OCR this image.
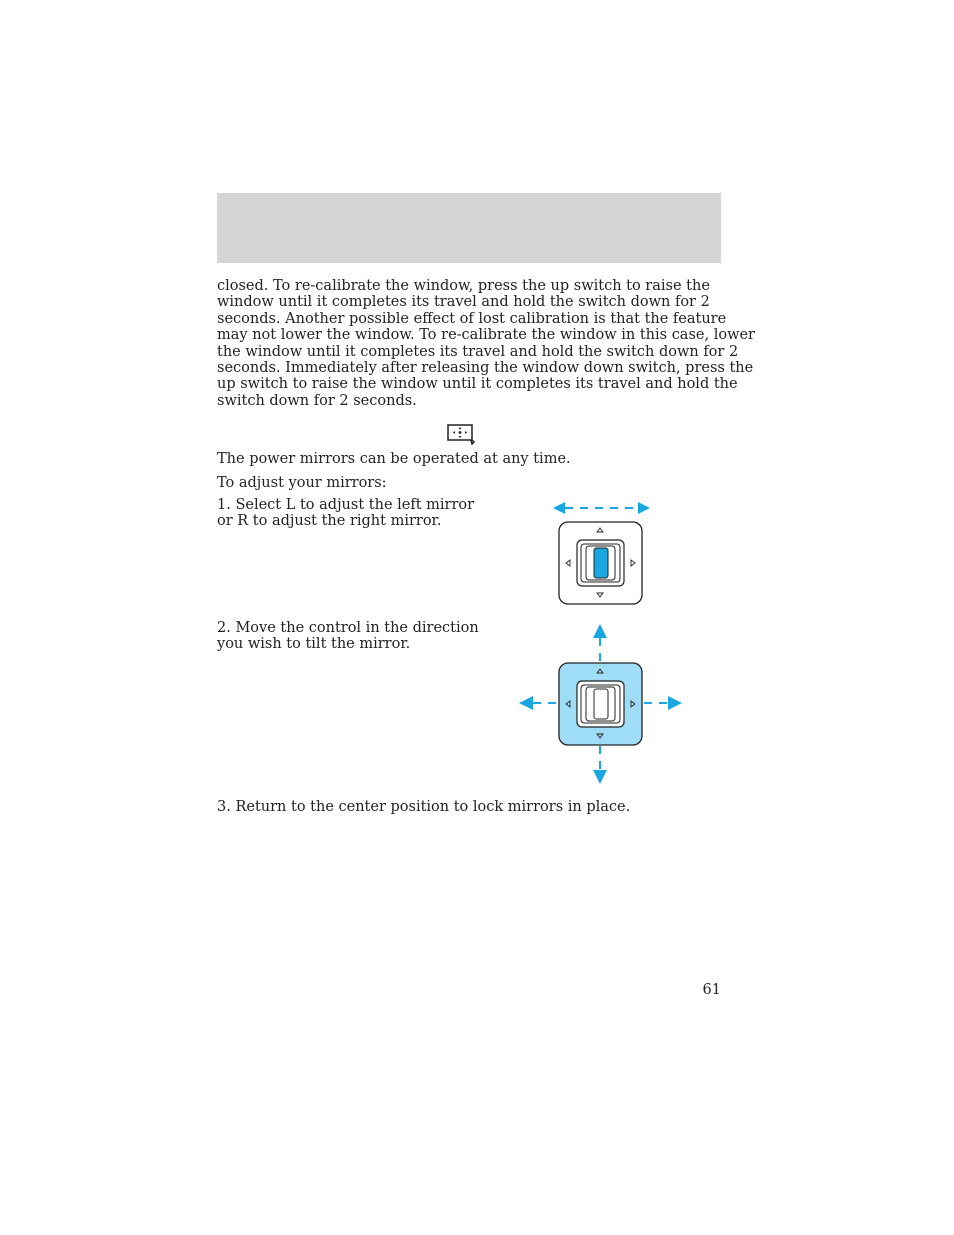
closed. To re-calibrate the window, press the up switch to raise the
window until it completes its travel and hold the switch down for 2
seconds. Another possible effect of lost calibration is that the feature
may not lower the window. To re-calibrate the window in this case, lower
the window until it completes its travel and hold the switch down for 2
seconds. Immediately after releasing the window down switch, press the
up switch to raise the window until it completes its travel and hold the
switch down for 2 seconds.

The power mirrors can be operated at any time.

To adjust your mirrors:

1. Select L to adjust the left mirror
or R to adjust the right mirror.

2. Move the control in the direction
you wish to tilt the mirror.

3. Return to the center position to lock mirrors in place.

61
